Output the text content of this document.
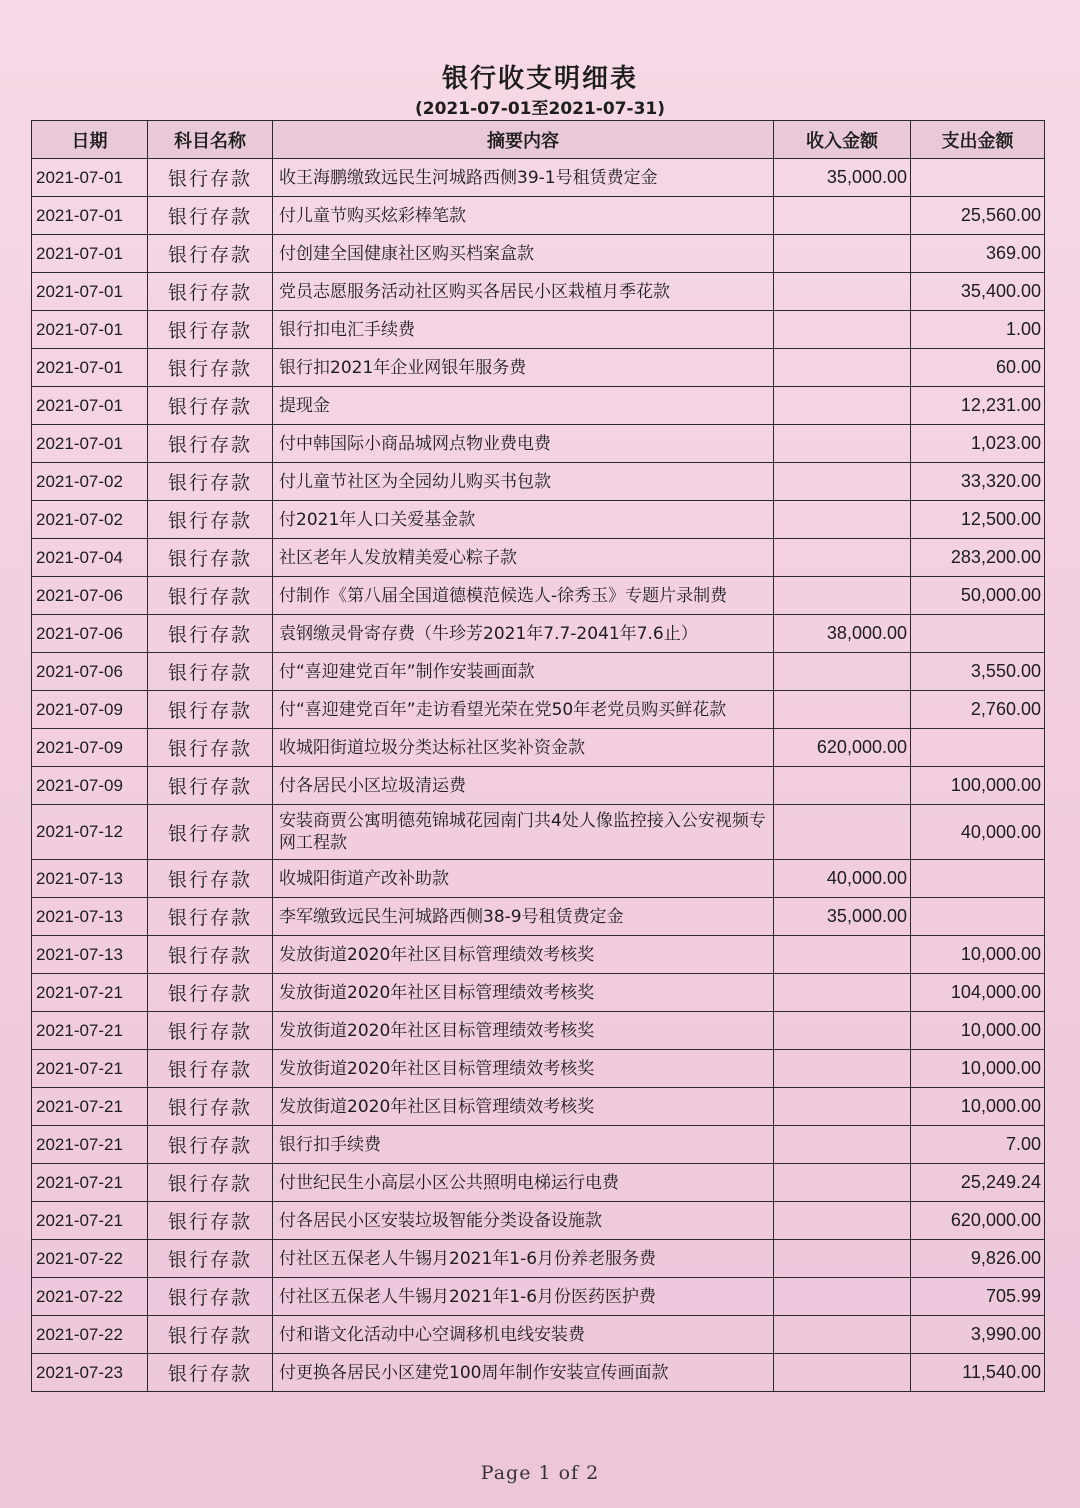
银行收支明细表
(2021-07-01至2021-07-31)
日期	科目名称	摘要内容	收入金额	支出金额
2021-07-01	银行存款	收王海鹏缴致远民生河城路西侧39-1号租赁费定金	35,000.00	
2021-07-01	银行存款	付儿童节购买炫彩棒笔款		25,560.00
2021-07-01	银行存款	付创建全国健康社区购买档案盒款		369.00
2021-07-01	银行存款	党员志愿服务活动社区购买各居民小区栽植月季花款		35,400.00
2021-07-01	银行存款	银行扣电汇手续费		1.00
2021-07-01	银行存款	银行扣2021年企业网银年服务费		60.00
2021-07-01	银行存款	提现金		12,231.00
2021-07-01	银行存款	付中韩国际小商品城网点物业费电费		1,023.00
2021-07-02	银行存款	付儿童节社区为全园幼儿购买书包款		33,320.00
2021-07-02	银行存款	付2021年人口关爱基金款		12,500.00
2021-07-04	银行存款	社区老年人发放精美爱心粽子款		283,200.00
2021-07-06	银行存款	付制作《第八届全国道德模范候选人-徐秀玉》专题片录制费		50,000.00
2021-07-06	银行存款	袁钢缴灵骨寄存费（牛珍芳2021年7.7-2041年7.6止）	38,000.00	
2021-07-06	银行存款	付“喜迎建党百年”制作安装画面款		3,550.00
2021-07-09	银行存款	付“喜迎建党百年”走访看望光荣在党50年老党员购买鲜花款		2,760.00
2021-07-09	银行存款	收城阳街道垃圾分类达标社区奖补资金款	620,000.00	
2021-07-09	银行存款	付各居民小区垃圾清运费		100,000.00
2021-07-12	银行存款	安装商贾公寓明德苑锦城花园南门共4处人像监控接入公安视频专网工程款		40,000.00
2021-07-13	银行存款	收城阳街道产改补助款	40,000.00	
2021-07-13	银行存款	李军缴致远民生河城路西侧38-9号租赁费定金	35,000.00	
2021-07-13	银行存款	发放街道2020年社区目标管理绩效考核奖		10,000.00
2021-07-21	银行存款	发放街道2020年社区目标管理绩效考核奖		104,000.00
2021-07-21	银行存款	发放街道2020年社区目标管理绩效考核奖		10,000.00
2021-07-21	银行存款	发放街道2020年社区目标管理绩效考核奖		10,000.00
2021-07-21	银行存款	发放街道2020年社区目标管理绩效考核奖		10,000.00
2021-07-21	银行存款	银行扣手续费		7.00
2021-07-21	银行存款	付世纪民生小高层小区公共照明电梯运行电费		25,249.24
2021-07-21	银行存款	付各居民小区安装垃圾智能分类设备设施款		620,000.00
2021-07-22	银行存款	付社区五保老人牛锡月2021年1-6月份养老服务费		9,826.00
2021-07-22	银行存款	付社区五保老人牛锡月2021年1-6月份医药医护费		705.99
2021-07-22	银行存款	付和谐文化活动中心空调移机电线安装费		3,990.00
2021-07-23	银行存款	付更换各居民小区建党100周年制作安装宣传画面款		11,540.00
Page 1 of 2
